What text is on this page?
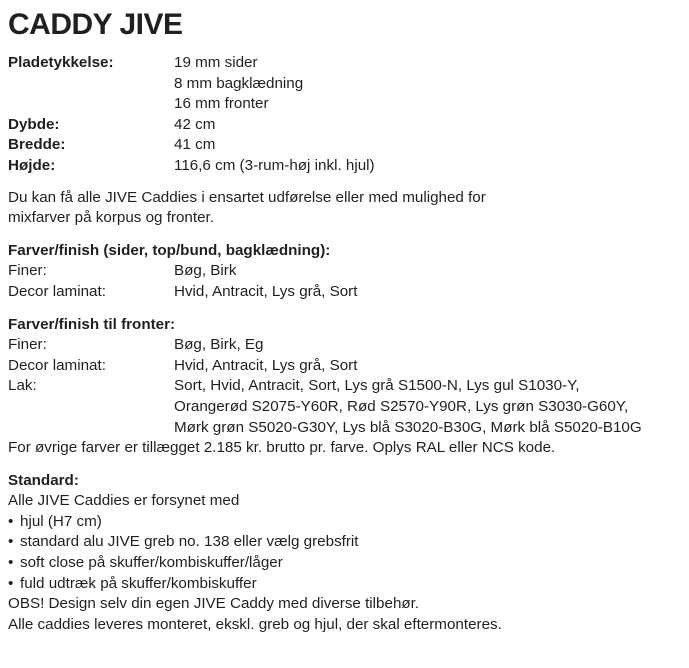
CADDY JIVE
Pladetykkelse:	19 mm sider
8 mm bagklædning
16 mm fronter
Dybde:	42 cm
Bredde:	41 cm
Højde:	116,6 cm (3-rum-høj inkl. hjul)
Du kan få alle JIVE Caddies i ensartet udførelse eller med mulighed for
mixfarver på korpus og fronter.
Farver/finish (sider, top/bund, bagklædning):
Finer:	Bøg, Birk
Decor laminat:	Hvid, Antracit, Lys grå, Sort
Farver/finish til fronter:
Finer:	Bøg, Birk, Eg
Decor laminat:	Hvid, Antracit, Lys grå, Sort
Lak:	Sort, Hvid, Antracit, Sort, Lys grå S1500-N, Lys gul S1030-Y,
Orangerød S2075-Y60R, Rød S2570-Y90R, Lys grøn S3030-G60Y,
Mørk grøn S5020-G30Y, Lys blå S3020-B30G, Mørk blå S5020-B10G
For øvrige farver er tillægget 2.185 kr. brutto pr. farve. Oplys RAL eller NCS kode.
Standard:
Alle JIVE Caddies er forsynet med
• hjul (H7 cm)
• standard alu JIVE greb no. 138 eller vælg grebsfrit
• soft close på skuffer/kombiskuffer/låger
• fuld udtræk på skuffer/kombiskuffer
OBS! Design selv din egen JIVE Caddy med diverse tilbehør.
Alle caddies leveres monteret, ekskl. greb og hjul, der skal eftermonteres.
